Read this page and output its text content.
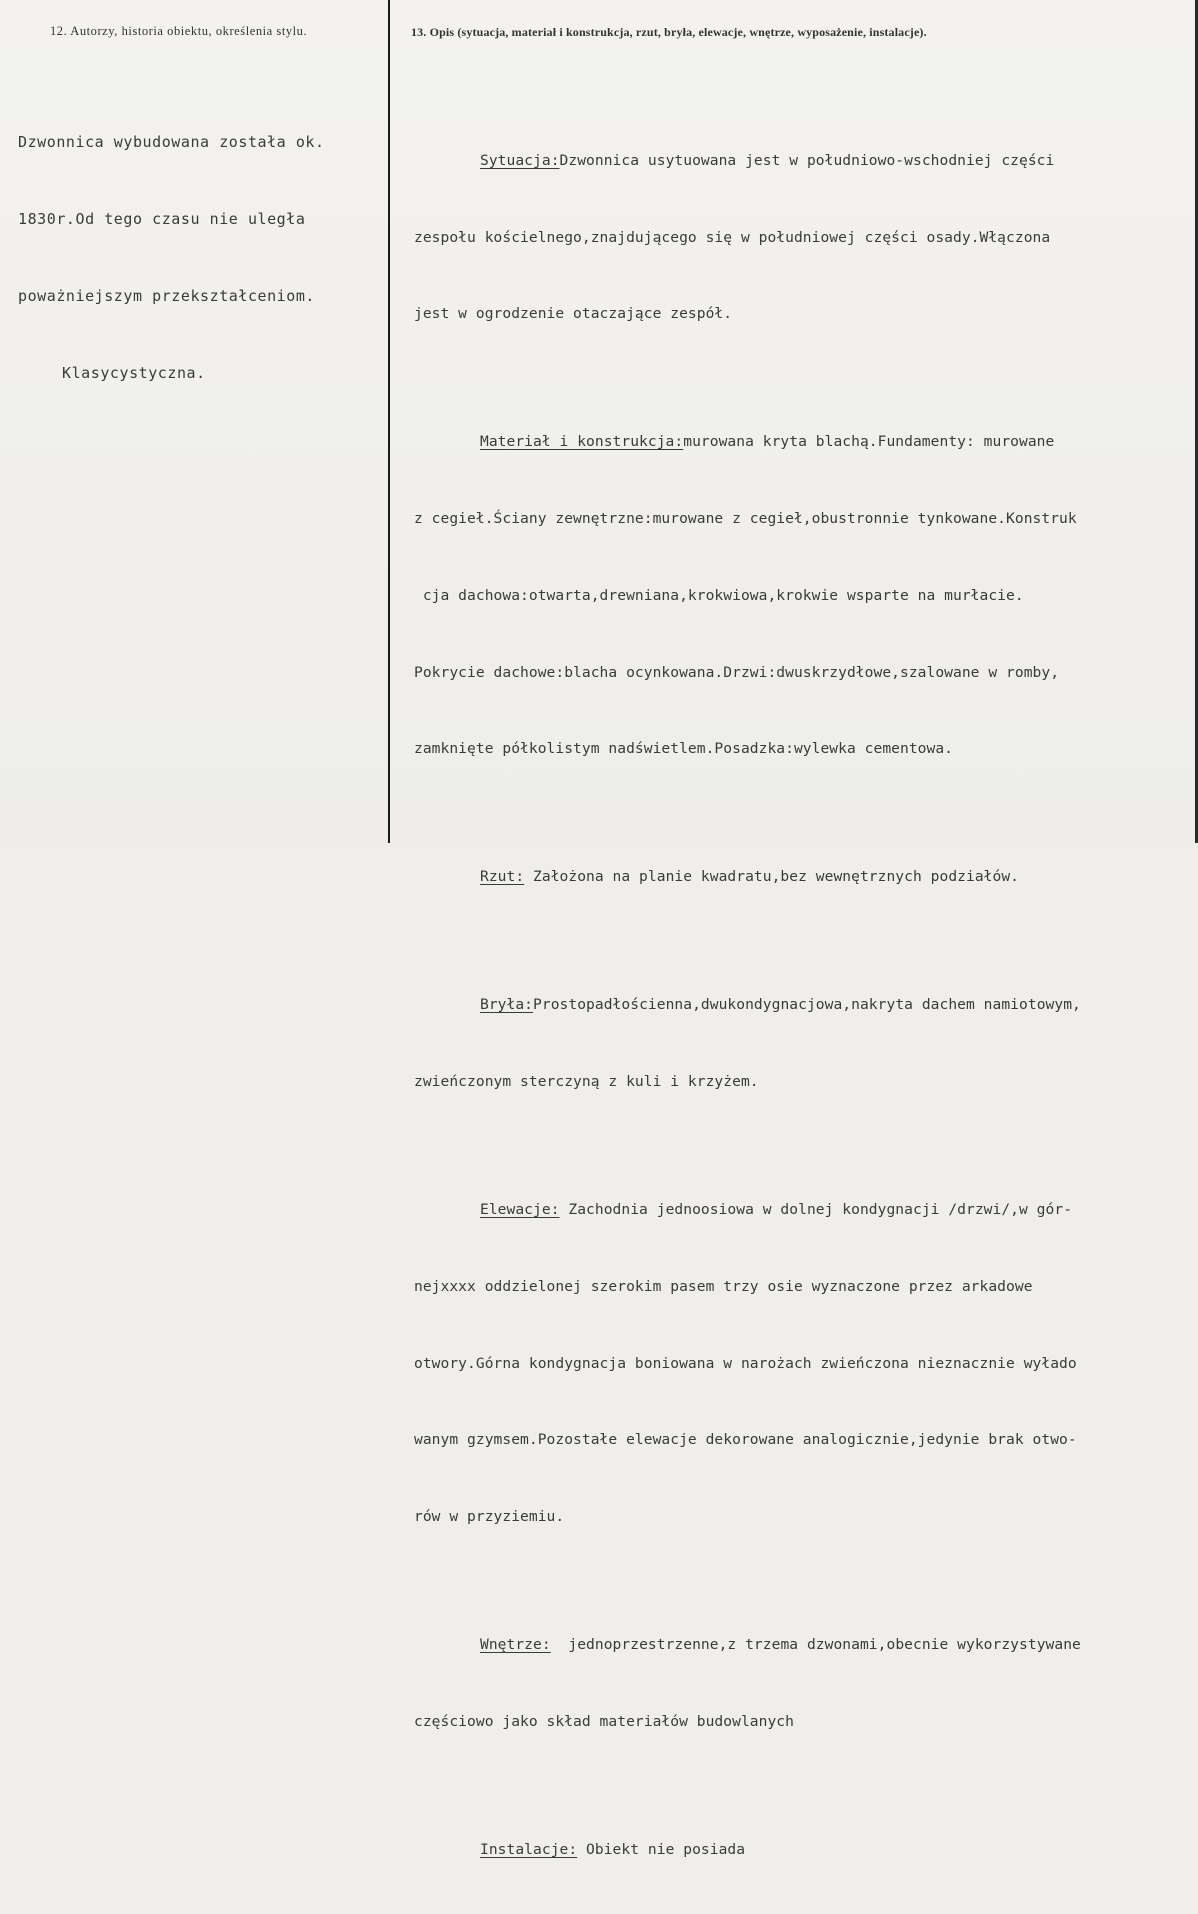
12. Autorzy, historia obiektu, określenia stylu.

Dzwonnica wybudowana została ok.

1830r.Od tego czasu nie uległa

poważniejszym przekształceniom.

Klasycystyczna.

13. Opis (sytuacja, materiał i konstrukcja, rzut, bryła, elewacje, wnętrze, wyposażenie, instalacje).

Sytuacja:Dzwonnica usytuowana jest w południowo-wschodniej części

zespołu kościelnego,znajdującego się w południowej części osady.Włączona

jest w ogrodzenie otaczające zespół.

Materiał i konstrukcja:murowana kryta blachą.Fundamenty: murowane

z cegieł.Ściany zewnętrzne:murowane z cegieł,obustronnie tynkowane.Konstruk

cja dachowa:otwarta,drewniana,krokwiowa,krokwie wsparte na murłacie.

Pokrycie dachowe:blacha ocynkowana.Drzwi:dwuskrzydłowe,szalowane w romby,

zamknięte półkolistym nadświetlem.Posadzka:wylewka cementowa.

Rzut: Założona na planie kwadratu,bez wewnętrznych podziałów.

Bryła:Prostopadłościenna,dwukondygnacjowa,nakryta dachem namiotowym,

zwieńczonym sterczyną z kuli i krzyżem.

Elewacje: Zachodnia jednoosiowa w dolnej kondygnacji /drzwi/,w gór-

nejxxxx oddzielonej szerokim pasem trzy osie wyznaczone przez arkadowe

otwory.Górna kondygnacja boniowana w narożach zwieńczona nieznacznie wyłado

wanym gzymsem.Pozostałe elewacje dekorowane analogicznie,jedynie brak otwo-

rów w przyziemiu.

Wnętrze:  jednoprzestrzenne,z trzema dzwonami,obecnie wykorzystywane

częściowo jako skład materiałów budowlanych

Instalacje: Obiekt nie posiada
